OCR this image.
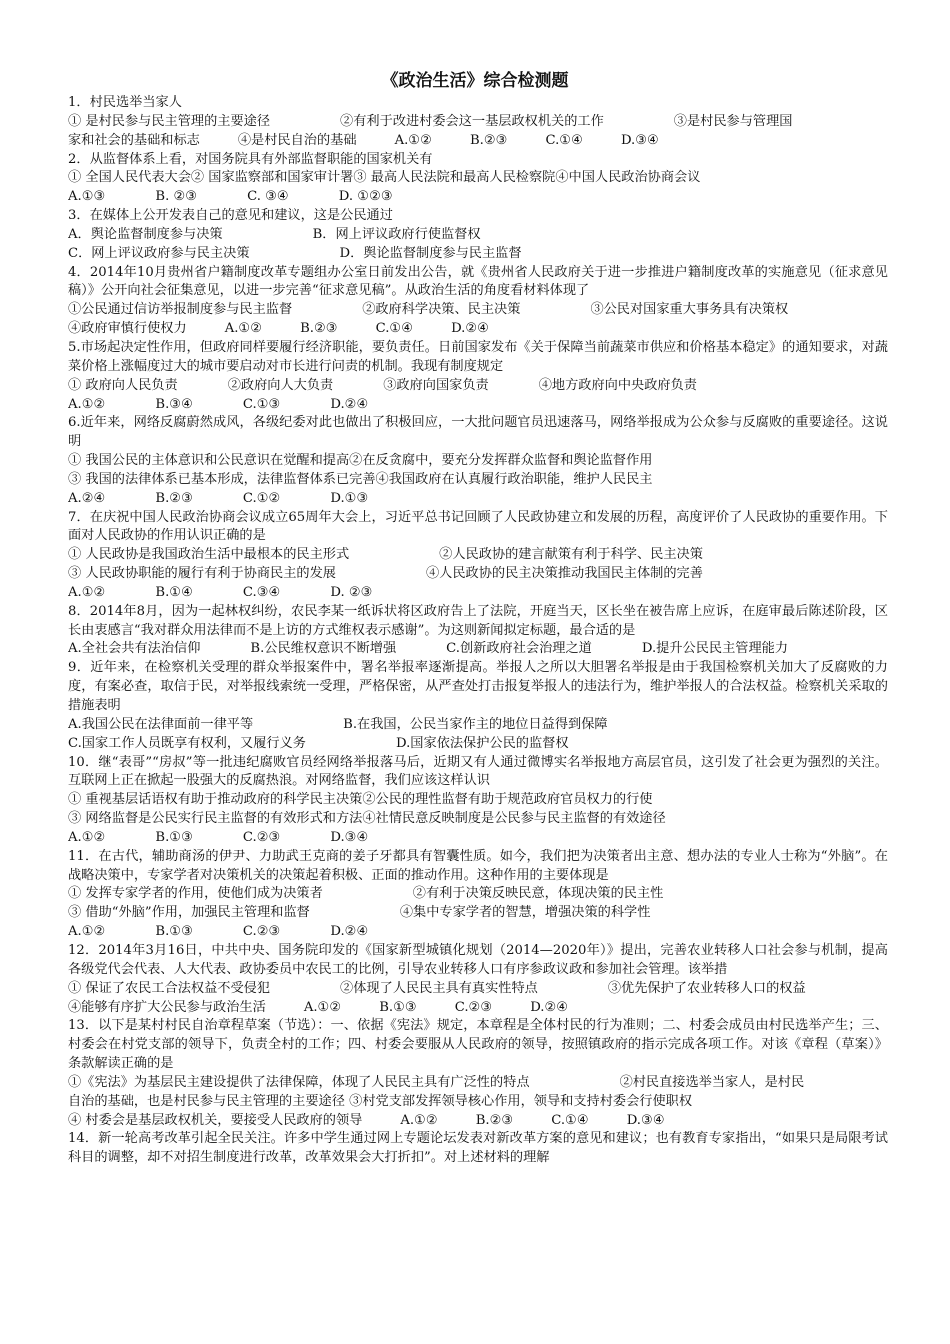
《政治生活》综合检测题
1．村民选举当家人
① 是村民参与民主管理的主要途径	②有利于改进村委会这一基层政权机关的工作	③是村民参与管理国
家和社会的基础和标志	④是村民自治的基础	A.①②	B.②③	C.①④	D.③④
2．从监督体系上看，对国务院具有外部监督职能的国家机关有
① 全国人民代表大会② 国家监察部和国家审计署③ 最高人民法院和最高人民检察院④中国人民政治协商会议
A.①③	B. ②③	C. ③④	D. ①②③
3．在媒体上公开发表自己的意见和建议，这是公民通过
A．舆论监督制度参与决策	B．网上评议政府行使监督权
C．网上评议政府参与民主决策	D．舆论监督制度参与民主监督
4．2014年10月贵州省户籍制度改革专题组办公室日前发出公告，就《贵州省人民政府关于进一步推进户籍制度改革的实施意见（征求意见稿）》公开向社会征集意见，以进一步完善“征求意见稿”。从政治生活的角度看材料体现了
①公民通过信访举报制度参与民主监督	②政府科学决策、民主决策	③公民对国家重大事务具有决策权
④政府审慎行使权力	A.①②	B.②③	C.①④	D.②④
5.市场起决定性作用，但政府同样要履行经济职能，要负责任。日前国家发布《关于保障当前蔬菜市供应和价格基本稳定》的通知要求，对蔬菜价格上涨幅度过大的城市要启动对市长进行问责的机制。我现有制度规定
① 政府向人民负责	②政府向人大负责	③政府向国家负责	④地方政府向中央政府负责
A.①②	B.③④	C.①③	D.②④
6.近年来，网络反腐蔚然成风，各级纪委对此也做出了积极回应，一大批问题官员迅速落马，网络举报成为公众参与反腐败的重要途径。这说明
① 我国公民的主体意识和公民意识在觉醒和提高②在反贪腐中，要充分发挥群众监督和舆论监督作用
③ 我国的法律体系已基本形成，法律监督体系已完善④我国政府在认真履行政治职能，维护人民民主
A.②④	B.②③	C.①②	D.①③
7．在庆祝中国人民政治协商会议成立65周年大会上，习近平总书记回顾了人民政协建立和发展的历程，高度评价了人民政协的重要作用。下面对人民政协的作用认识正确的是
① 人民政协是我国政治生活中最根本的民主形式	②人民政协的建言献策有利于科学、民主决策
③ 人民政协职能的履行有利于协商民主的发展	④人民政协的民主决策推动我国民主体制的完善
A.①②	B.①④	C.③④	D. ②③
8．2014年8月，因为一起林权纠纷，农民李某一纸诉状将区政府告上了法院，开庭当天，区长坐在被告席上应诉，在庭审最后陈述阶段，区长由衷感言“我对群众用法律而不是上访的方式维权表示感谢”。为这则新闻拟定标题，最合适的是
A.全社会共有法治信仰	B.公民维权意识不断增强	C.创新政府社会治理之道	D.提升公民民主管理能力
9．近年来，在检察机关受理的群众举报案件中，署名举报率逐渐提高。举报人之所以大胆署名举报是由于我国检察机关加大了反腐败的力度，有案必查，取信于民，对举报线索统一受理，严格保密，从严查处打击报复举报人的违法行为，维护举报人的合法权益。检察机关采取的措施表明
A.我国公民在法律面前一律平等	B.在我国，公民当家作主的地位日益得到保障
C.国家工作人员既享有权利，又履行义务	D.国家依法保护公民的监督权
10．继“表哥”“房叔”等一批违纪腐败官员经网络举报落马后，近期又有人通过微博实名举报地方高层官员，这引发了社会更为强烈的关注。互联网上正在掀起一股强大的反腐热浪。对网络监督，我们应该这样认识
① 重视基层话语权有助于推动政府的科学民主决策②公民的理性监督有助于规范政府官员权力的行使
③ 网络监督是公民实行民主监督的有效形式和方法④社情民意反映制度是公民参与民主监督的有效途径
A.①②	B.①③	C.②③	D.③④
11．在古代，辅助商汤的伊尹、力助武王克商的姜子牙都具有智囊性质。如今，我们把为决策者出主意、想办法的专业人士称为“外脑”。在战略决策中，专家学者对决策机关的决策起着积极、正面的推动作用。这种作用的主要体现是
① 发挥专家学者的作用，使他们成为决策者	②有利于决策反映民意，体现决策的民主性
③ 借助“外脑”作用，加强民主管理和监督	④集中专家学者的智慧，增强决策的科学性
A.①②	B.①③	C.②③	D.②④
12．2014年3月16日，中共中央、国务院印发的《国家新型城镇化规划（2014—2020年）》提出，完善农业转移人口社会参与机制，提高各级党代会代表、人大代表、政协委员中农民工的比例，引导农业转移人口有序参政议政和参加社会管理。该举措
① 保证了农民工合法权益不受侵犯	②体现了人民民主具有真实性特点	③优先保护了农业转移人口的权益
④能够有序扩大公民参与政治生活	A.①②	B.①③	C.②③	D.②④
13．以下是某村村民自治章程草案（节选）：一、依据《宪法》规定，本章程是全体村民的行为准则；二、村委会成员由村民选举产生；三、村委会在村党支部的领导下，负责全村的工作；四、村委会要服从人民政府的领导，按照镇政府的指示完成各项工作。对该《章程（草案）》条款解读正确的是
①《宪法》为基层民主建设提供了法律保障，体现了人民民主具有广泛性的特点	②村民直接选举当家人，是村民
自治的基础，也是村民参与民主管理的主要途径 ③村党支部发挥领导核心作用，领导和支持村委会行使职权
④ 村委会是基层政权机关，要接受人民政府的领导	A.①②	B.②③	C.①④	D.③④
14．新一轮高考改革引起全民关注。许多中学生通过网上专题论坛发表对新改革方案的意见和建议；也有教育专家指出，“如果只是局限考试科目的调整，却不对招生制度进行改革，改革效果会大打折扣”。对上述材料的理解
